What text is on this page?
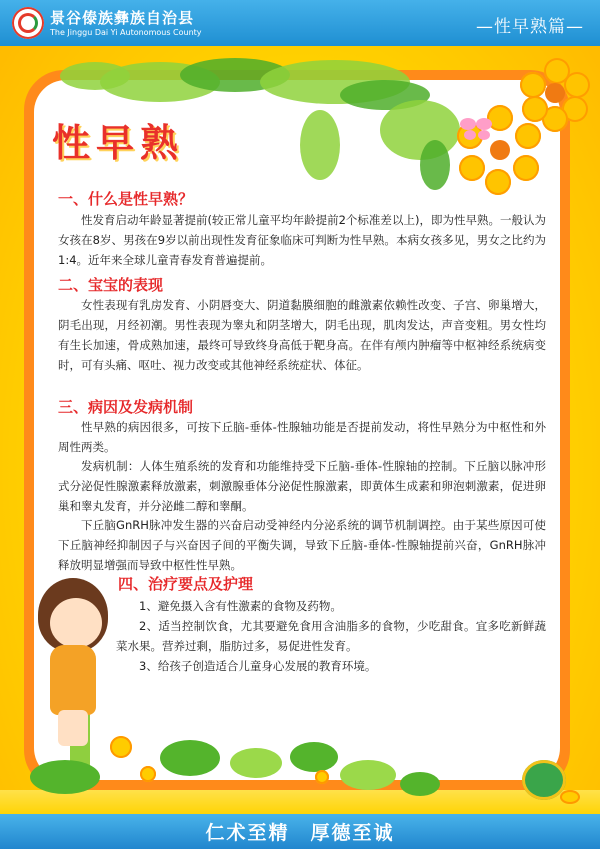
景谷傣族彝族自治县
The Jinggu Dai Yi Autonomous County	—性早熟篇—
性早熟
一、什么是性早熟？
性发育启动年龄显著提前(较正常儿童平均年龄提前2个标准差以上)，即为性早熟。一般认为女孩在8岁、男孩在9岁以前出现性发育征象临床可判断为性早熟。本病女孩多见，男女之比约为1:4。近年来全球儿童青春发育普遍提前。
二、宝宝的表现
女性表现有乳房发育、小阴唇变大、阴道黏膜细胞的雌激素依赖性改变、子宫、卵巢增大，阴毛出现，月经初潮。男性表现为睾丸和阴茎增大，阴毛出现，肌肉发达，声音变粗。男女性均有生长加速，骨成熟加速，最终可导致终身高低于靶身高。在伴有颅内肿瘤等中枢神经系统病变时，可有头痛、呕吐、视力改变或其他神经系统症状、体征。
三、病因及发病机制
性早熟的病因很多，可按下丘脑-垂体-性腺轴功能是否提前发动，将性早熟分为中枢性和外周性两类。
发病机制：人体生殖系统的发育和功能维持受下丘脑-垂体-性腺轴的控制。下丘脑以脉冲形式分泌促性腺激素释放激素，刺激腺垂体分泌促性腺激素，即黄体生成素和卵泡刺激素，促进卵巢和睾丸发育，并分泌雌二醇和睾酮。
下丘脑GnRH脉冲发生器的兴奋启动受神经内分泌系统的调节机制调控。由于某些原因可使下丘脑神经抑制因子与兴奋因子间的平衡失调，导致下丘脑-垂体-性腺轴提前兴奋，GnRH脉冲释放明显增强而导致中枢性性早熟。
四、治疗要点及护理
1、避免摄入含有性激素的食物及药物。
2、适当控制饮食，尤其要避免食用含油脂多的食物，少吃甜食。宜多吃新鲜蔬菜水果。营养过剩，脂肪过多，易促进性发育。
3、给孩子创造适合儿童身心发展的教育环境。
仁术至精　厚德至诚
